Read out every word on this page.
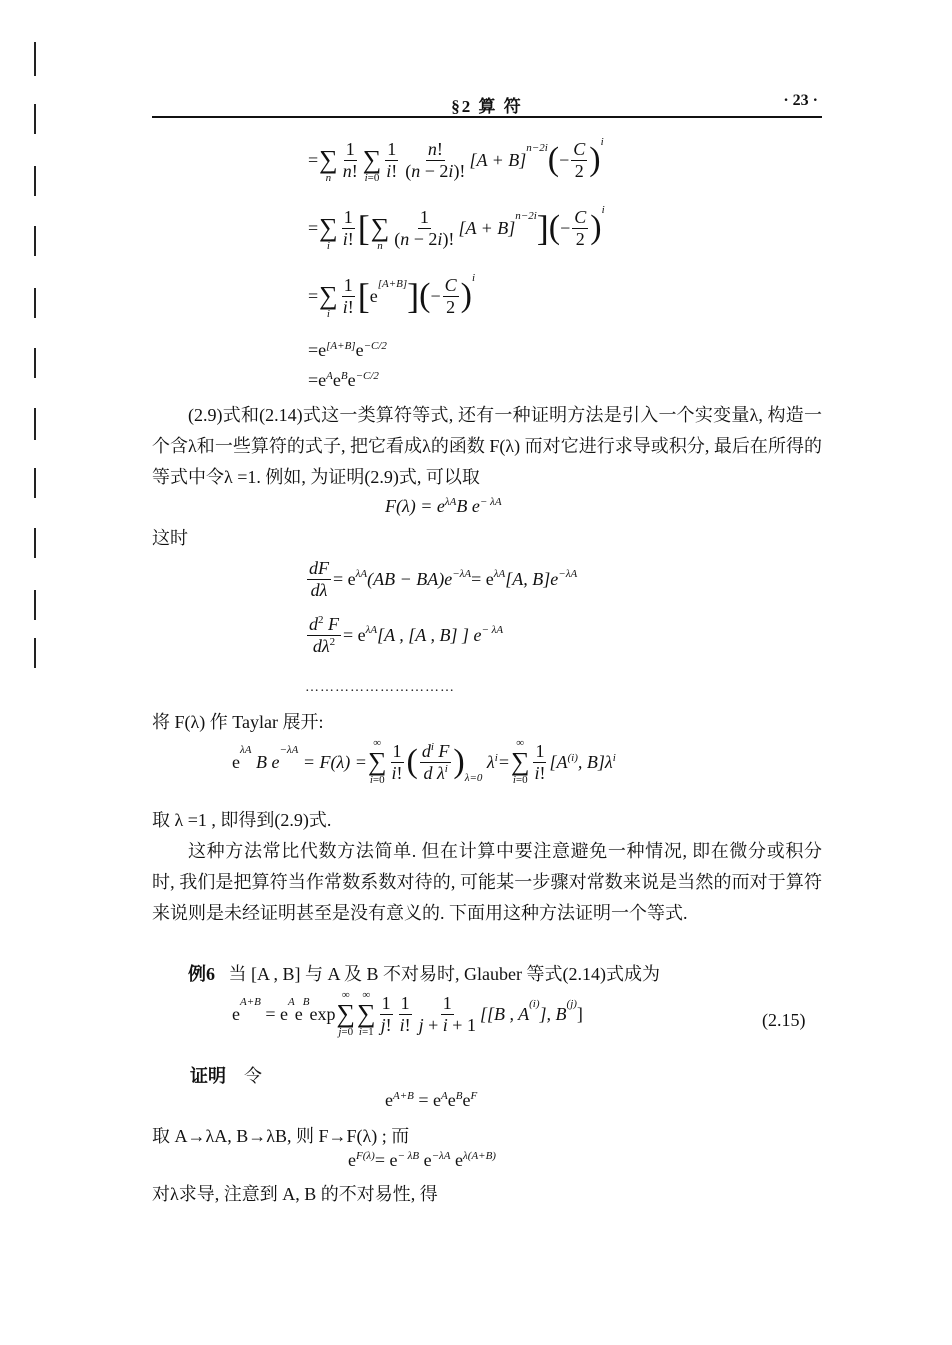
§2 算 符	· 23 ·
=
∑
n $\frac{1}{n!}$
∑
$i=0 \frac{1}{i!} \frac{n!}{(n - 2i)!} [A + B]$
$^{n-2i}$ ( − $\frac{C}{2} )^i$
=
∑
i $\frac{1}{i!}$ [
∑
n $\frac{1}{(n - 2i)!} [A + B]$
$^{n-2i}$ ] ( − $\frac{C}{2} )^i$
=
∑
i $\frac{1}{i!}$ [ e
[A+B] ] ( − $\frac{C}{2} )^i$
=e[A+B] $e^{-C/2}$
$=e^A$ $e^B$ $e^{-C/2}$
(2.9)式和(2.14)式这一类算符等式, 还有一种证明方法是引入一个实变量λ, 构造一个含λ和一些算符的式子, 把它看成λ的函数 F(λ) 而对它进行求导或积分, 最后在所得的等式中令λ =1. 例如, 为证明(2.9)式, 可以取
$F(\lambda) = e^{\lambda A}$ B $e^{- \lambda A}$
这时
$\frac{dF}{d\lambda} = e^{\lambda A}$ $(AB - BA)e^{-\lambda A} = e^{\lambda A}$ [A, $B]e^{-\lambda A}$
$\frac{d^2 F}{d\lambda^2} = e^{\lambda A}$ [A , [A , B] ] $e^{- \lambda A}$
…………………………
将 F(λ) 作 Taylar 展开:
e
$^{\lambda A}$
B e
$^{-\lambda A}$
= F(λ) =
∞
∑
$i=0 \frac{1}{i!}$ ( $\frac{d^i F}{d \lambda^i} )_{\lambda=0}$
$\lambda^i=$
∞
∑
$i=0 \frac{1}{i!} [A^{(i)}$, $B]\lambda^i$
取 λ =1 , 即得到(2.9)式.
这种方法常比代数方法简单. 但在计算中要注意避免一种情况, 即在微分或积分时, 我们是把算符当作常数系数对待的, 可能某一步骤对常数来说是当然的而对于算符来说则是未经证明甚至是没有意义的. 下面用这种方法证明一个等式.
例6 当 [A , B] 与 A 及 B 不对易时, Glauber 等式(2.14)式成为
e
$^{A+B}$
= e
$^A$
e
$^B$
exp
∞
∑
j=0
∞
∑
$i=1 \frac{1}{j!} \frac{1}{i!} \frac{1}{j + i + 1} [[B$ , $A^{(i)}$ ], $B^{(j)}$ ]	(2.15)
证明 令
$e^{A+B} = e^A$ $e^B$ $e^F$
取 A→λA, B→λB, 则 F→F(λ) ; 而
$e^{F(\lambda)} = e^{- \lambda B}$ $e^{-\lambda A}$ $e^{\lambda(A+B)}$
对λ求导, 注意到 A, B 的不对易性, 得
